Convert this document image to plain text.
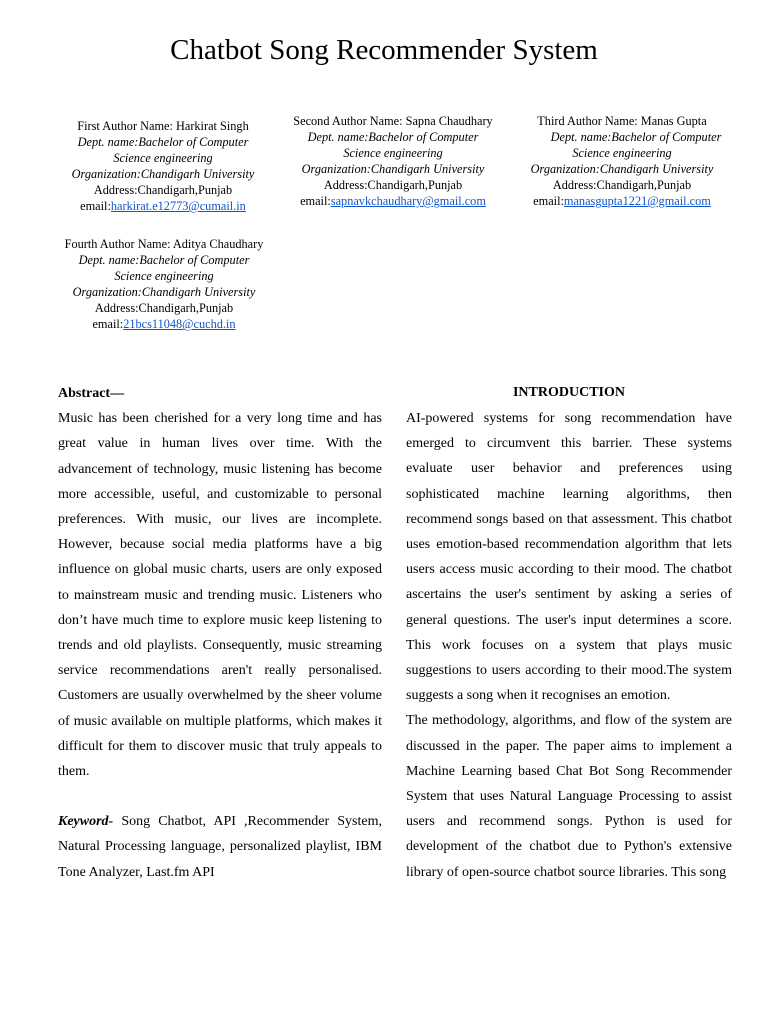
Chatbot Song Recommender System
First Author Name: Harkirat Singh
Dept. name:Bachelor of Computer
Science engineering
Organization:Chandigarh University
Address:Chandigarh,Punjab
email:harkirat.e12773@cumail.in
Second Author Name: Sapna Chaudhary
Dept. name:Bachelor of Computer
Science engineering
Organization:Chandigarh University
Address:Chandigarh,Punjab
email:sapnavkchaudhary@gmail.com
Third Author Name: Manas Gupta
Dept. name:Bachelor of Computer
Science engineering
Organization:Chandigarh University
Address:Chandigarh,Punjab
email:manasgupta1221@gmail.com
Fourth Author Name: Aditya Chaudhary
Dept. name:Bachelor of Computer
Science engineering
Organization:Chandigarh University
Address:Chandigarh,Punjab
email:21bcs11048@cuchd.in

Abstract—

Music has been cherished for a very long time and has great value in human lives over time. With the advancement of technology, music listening has become more accessible, useful, and customizable to personal preferences. With music, our lives are incomplete. However, because social media platforms have a big influence on global music charts, users are only exposed to mainstream music and trending music. Listeners who don’t have much time to explore music keep listening to trends and old playlists. Consequently, music streaming service recommendations aren't really personalised. Customers are usually overwhelmed by the sheer volume of music available on multiple platforms, which makes it difficult for them to discover music that truly appeals to them.

Keyword- Song Chatbot, API ,Recommender System, Natural Processing language, personalized playlist, IBM Tone Analyzer, Last.fm API

INTRODUCTION

AI-powered systems for song recommendation have emerged to circumvent this barrier. These systems evaluate user behavior and preferences using sophisticated machine learning algorithms, then recommend songs based on that assessment. This chatbot uses emotion-based recommendation algorithm that lets users access music according to their mood. The chatbot ascertains the user's sentiment by asking a series of general questions. The user's input determines a score. This work focuses on a system that plays music suggestions to users according to their mood.The system suggests a song when it recognises an emotion.

The methodology, algorithms, and flow of the system are discussed in the paper. The paper aims to implement a Machine Learning based Chat Bot Song Recommender System that uses Natural Language Processing to assist users and recommend songs. Python is used for development of the chatbot due to Python's extensive library of open-source chatbot source libraries. This song
